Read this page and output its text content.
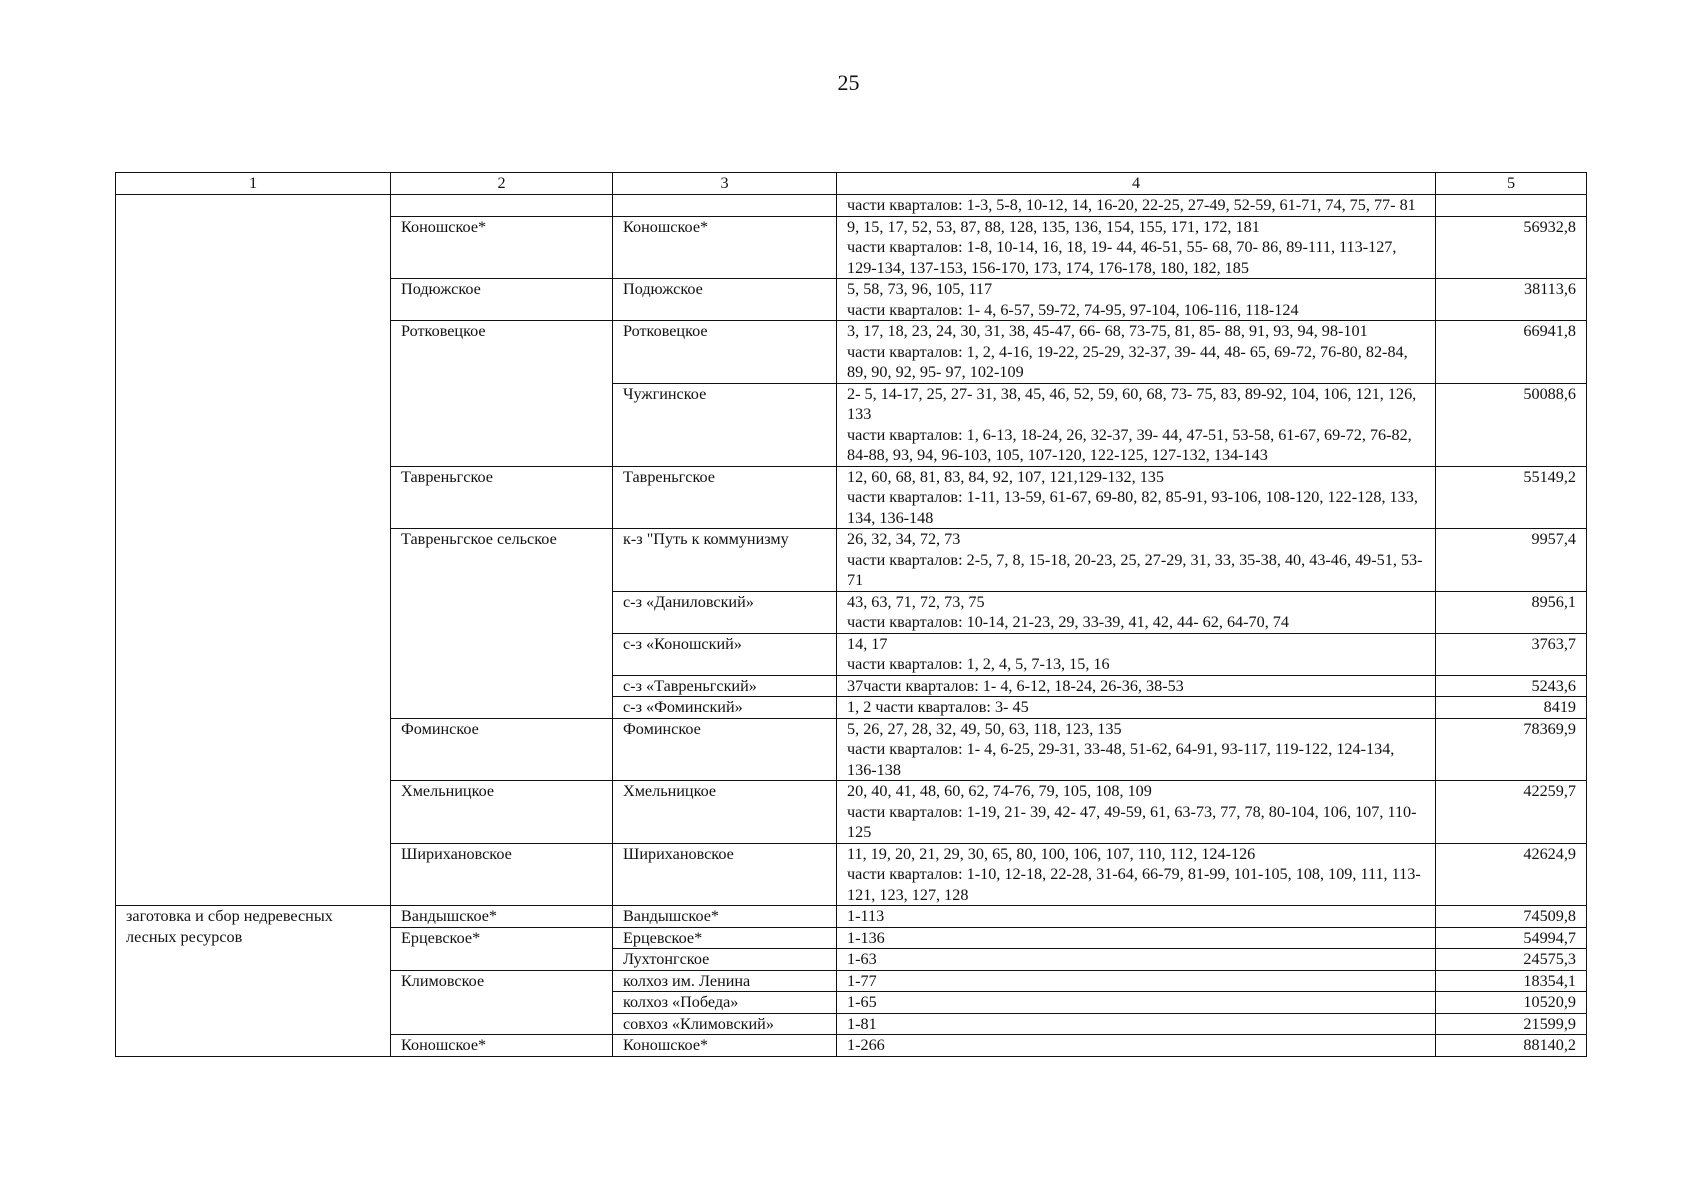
25
1	2	3	4	5
			части кварталов: 1-3, 5-8, 10-12, 14, 16-20, 22-25, 27-49, 52-59, 61-71, 74, 75, 77- 81	
	Коношское*	Коношское*	9, 15, 17, 52, 53, 87, 88, 128, 135, 136, 154, 155, 171, 172, 181
части кварталов: 1-8, 10-14, 16, 18, 19- 44, 46-51, 55- 68, 70- 86, 89-111, 113-127, 129-134, 137-153, 156-170, 173, 174, 176-178, 180, 182, 185	56932,8
	Подюжское	Подюжское	5, 58, 73, 96, 105, 117
части кварталов: 1- 4, 6-57, 59-72, 74-95, 97-104, 106-116, 118-124	38113,6
	Ротковецкое	Ротковецкое	3, 17, 18, 23, 24, 30, 31, 38, 45-47, 66- 68, 73-75, 81, 85- 88, 91, 93, 94, 98-101
части кварталов: 1, 2, 4-16, 19-22, 25-29, 32-37, 39- 44, 48- 65, 69-72, 76-80, 82-84, 89, 90, 92, 95- 97, 102-109	66941,8
		Чужгинское	2- 5, 14-17, 25, 27- 31, 38, 45, 46, 52, 59, 60, 68, 73- 75, 83, 89-92, 104, 106, 121, 126, 133
части кварталов: 1, 6-13, 18-24, 26, 32-37, 39- 44, 47-51, 53-58, 61-67, 69-72, 76-82, 84-88, 93, 94, 96-103, 105, 107-120, 122-125, 127-132, 134-143	50088,6
	Тавреньгское	Тавреньгское	12, 60, 68, 81, 83, 84, 92, 107, 121,129-132, 135
части кварталов: 1-11, 13-59, 61-67, 69-80, 82, 85-91, 93-106, 108-120, 122-128, 133, 134, 136-148	55149,2
	Тавреньгское сельское	к-з "Путь к коммунизму	26, 32, 34, 72, 73
части кварталов: 2-5, 7, 8, 15-18, 20-23, 25, 27-29, 31, 33, 35-38, 40, 43-46, 49-51, 53- 71	9957,4
		с-з «Даниловский»	43, 63, 71, 72, 73, 75
части кварталов: 10-14, 21-23, 29, 33-39, 41, 42, 44- 62, 64-70, 74	8956,1
		с-з «Коношский»	14, 17
части кварталов: 1, 2, 4, 5, 7-13, 15, 16	3763,7
		с-з «Тавреньгский»	37части кварталов: 1- 4, 6-12, 18-24, 26-36, 38-53	5243,6
		с-з «Фоминский»	1, 2 части кварталов: 3- 45	8419
	Фоминское	Фоминское	5, 26, 27, 28, 32, 49, 50, 63, 118, 123, 135
части кварталов: 1- 4, 6-25, 29-31, 33-48, 51-62, 64-91, 93-117, 119-122, 124-134, 136-138	78369,9
	Хмельницкое	Хмельницкое	20, 40, 41, 48, 60, 62, 74-76, 79, 105, 108, 109
части кварталов: 1-19, 21- 39, 42- 47, 49-59, 61, 63-73, 77, 78, 80-104, 106, 107, 110- 125	42259,7
	Ширихановское	Ширихановское	11, 19, 20, 21, 29, 30, 65, 80, 100, 106, 107, 110, 112, 124-126
части кварталов: 1-10, 12-18, 22-28, 31-64, 66-79, 81-99, 101-105, 108, 109, 111, 113-121, 123, 127, 128	42624,9
заготовка и сбор недревесных лесных ресурсов	Вандышское*	Вандышское*	1-113	74509,8
	Ерцевское*	Ерцевское*	1-136	54994,7
		Лухтонгское	1-63	24575,3
	Климовское	колхоз им. Ленина	1-77	18354,1
		колхоз «Победа»	1-65	10520,9
		совхоз «Климовский»	1-81	21599,9
	Коношское*	Коношское*	1-266	88140,2
